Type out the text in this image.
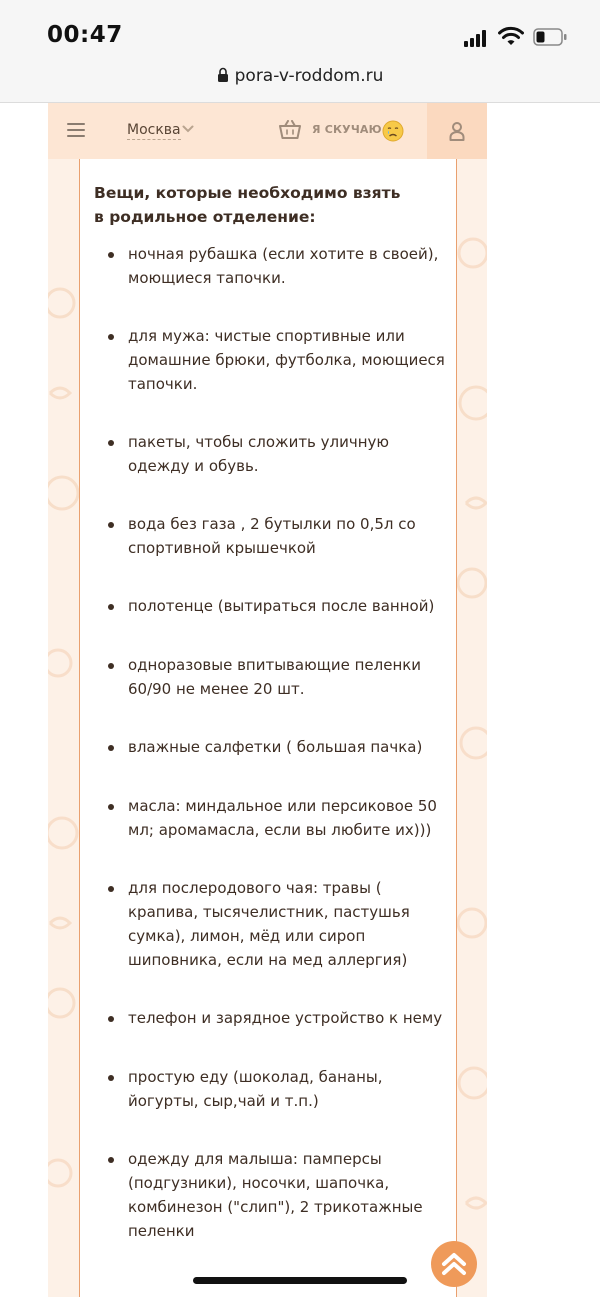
00:47
pora-v-roddom.ru
Москва	Я СКУЧАЮ
Вещи, которые необходимо взять в родильное отделение:
ночная рубашка (если хотите в своей), моющиеся тапочки.
для мужа: чистые спортивные или домашние брюки, футболка, моющиеся тапочки.
пакеты, чтобы сложить уличную одежду и обувь.
вода без газа , 2 бутылки по 0,5л со спортивной крышечкой
полотенце (вытираться после ванной)
одноразовые впитывающие пеленки 60/90 не менее 20 шт.
влажные салфетки ( большая пачка)
масла: миндальное или персиковое 50 мл; аромамасла, если вы любите их)))
для послеродового чая: травы ( крапива, тысячелистник, пастушья сумка), лимон, мёд или сироп шиповника, если на мед аллергия)
телефон и зарядное устройство к нему
простую еду (шоколад, бананы, йогурты, сыр,чай и т.п.)
одежду для малыша: памперсы (подгузники), носочки, шапочка, комбинезон ("слип"), 2 трикотажные пеленки
